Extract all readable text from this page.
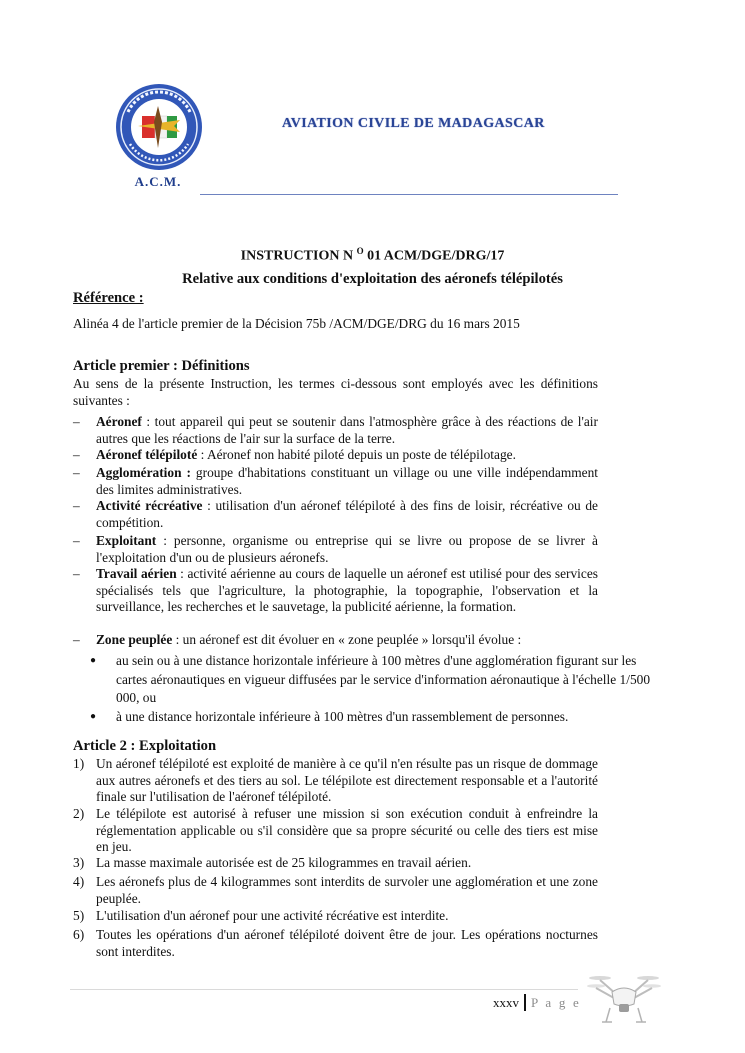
A.C.M.
AVIATION CIVILE DE MADAGASCAR
INSTRUCTION N $^O$ 01 ACM/DGE/DRG/17
Relative aux conditions d'exploitation des aéronefs télépilotés
Référence :
Alinéa 4 de l'article premier de la Décision 75b /ACM/DGE/DRG du 16 mars 2015
Article premier : Définitions
Au sens de la présente Instruction, les termes ci-dessous sont employés avec les définitions suivantes :
– Aéronef : tout appareil qui peut se soutenir dans l'atmosphère grâce à des réactions de l'air autres que les réactions de l'air sur la surface de la terre.
– Aéronef télépiloté : Aéronef non habité piloté depuis un poste de télépilotage.
– Agglomération : groupe d'habitations constituant un village ou une ville indépendamment des limites administratives.
– Activité récréative : utilisation d'un aéronef télépiloté à des fins de loisir, récréative ou de compétition.
– Exploitant : personne, organisme ou entreprise qui se livre ou propose de se livrer à l'exploitation d'un ou de plusieurs aéronefs.
– Travail aérien : activité aérienne au cours de laquelle un aéronef est utilisé pour des services spécialisés tels que l'agriculture, la photographie, la topographie, l'observation et la surveillance, les recherches et le sauvetage, la publicité aérienne, la formation.
– Zone peuplée : un aéronef est dit évoluer en « zone peuplée » lorsqu'il évolue :
● au sein ou à une distance horizontale inférieure à 100 mètres d'une agglomération figurant sur les cartes aéronautiques en vigueur diffusées par le service d'information aéronautique à l'échelle 1/500 000, ou
● à une distance horizontale inférieure à 100 mètres d'un rassemblement de personnes.
Article 2 : Exploitation
1) Un aéronef télépiloté est exploité de manière à ce qu'il n'en résulte pas un risque de dommage aux autres aéronefs et des tiers au sol. Le télépilote est directement responsable et a l'autorité finale sur l'utilisation de l'aéronef télépiloté.
2) Le télépilote est autorisé à refuser une mission si son exécution conduit à enfreindre la réglementation applicable ou s'il considère que sa propre sécurité ou celle des tiers est mise en jeu.
3) La masse maximale autorisée est de 25 kilogrammes en travail aérien.
4) Les aéronefs plus de 4 kilogrammes sont interdits de survoler une agglomération et une zone peuplée.
5) L'utilisation d'un aéronef pour une activité récréative est interdite.
6) Toutes les opérations d'un aéronef télépiloté doivent être de jour. Les opérations nocturnes sont interdites.
xxxv P a g e
